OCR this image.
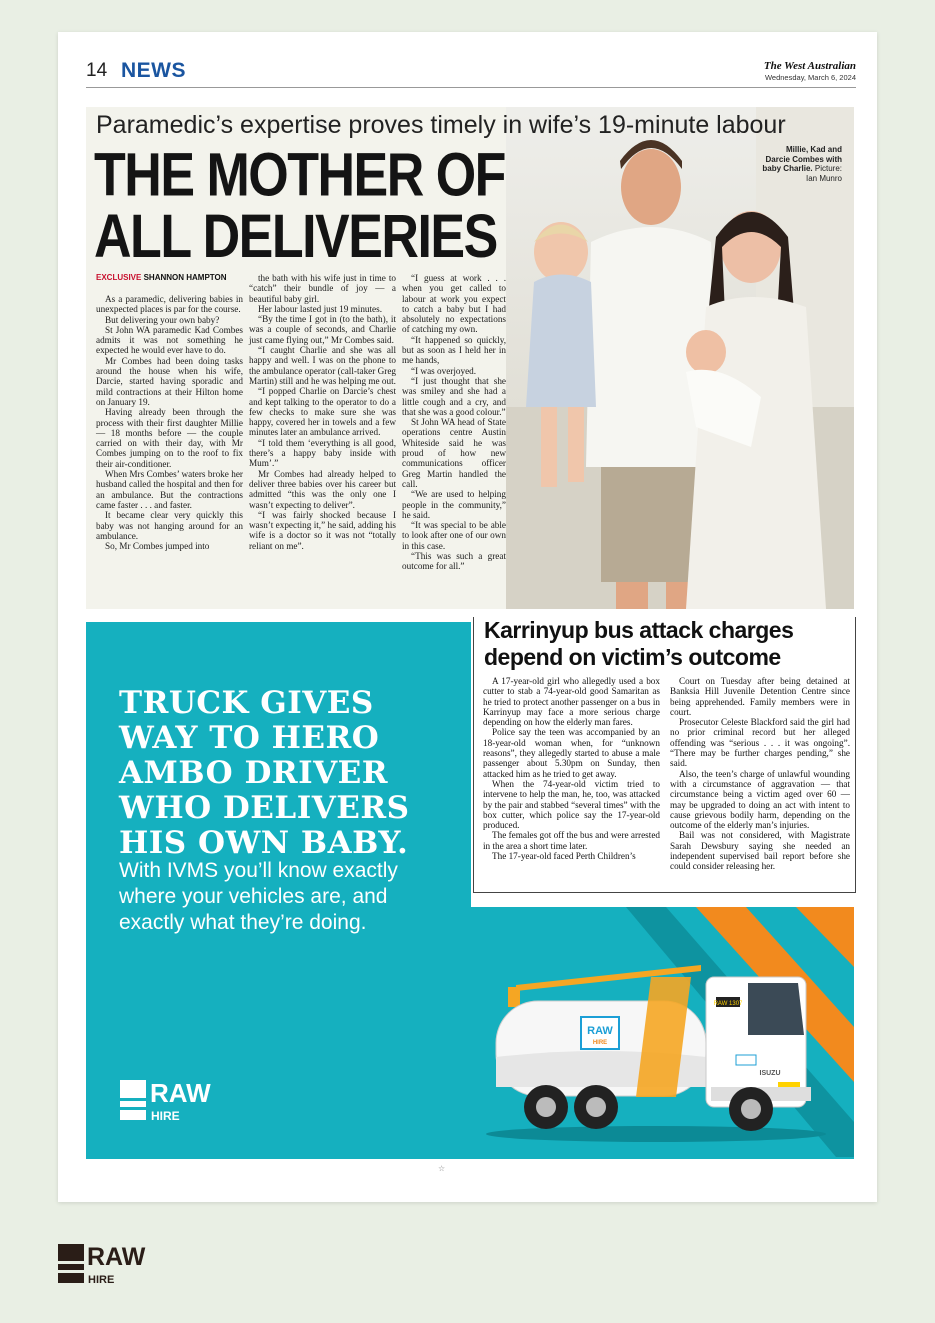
14 NEWS	The West Australian
Wednesday, March 6, 2024
Paramedic’s expertise proves timely in wife’s 19-minute labour
THE MOTHER OF
ALL DELIVERIES
Millie, Kad and Darcie Combes with baby Charlie. Picture: Ian Munro
EXCLUSIVE SHANNON HAMPTON

As a paramedic, delivering babies in unexpected places is par for the course.

But delivering your own baby?

St John WA paramedic Kad Combes admits it was not something he expected he would ever have to do.

Mr Combes had been doing tasks around the house when his wife, Darcie, started having sporadic and mild contractions at their Hilton home on January 19.

Having already been through the process with their first daughter Millie — 18 months before — the couple carried on with their day, with Mr Combes jumping on to the roof to fix their air-conditioner.

When Mrs Combes’ waters broke her husband called the hospital and then for an ambulance. But the contractions came faster . . . and faster.

It became clear very quickly this baby was not hanging around for an ambulance.

So, Mr Combes jumped into

the bath with his wife just in time to “catch” their bundle of joy — a beautiful baby girl.

Her labour lasted just 19 minutes.

“By the time I got in (to the bath), it was a couple of seconds, and Charlie just came flying out,” Mr Combes said.

“I caught Charlie and she was all happy and well. I was on the phone to the ambulance operator (call-taker Greg Martin) still and he was helping me out.

“I popped Charlie on Darcie’s chest and kept talking to the operator to do a few checks to make sure she was happy, covered her in towels and a few minutes later an ambulance arrived.

“I told them ‘everything is all good, there’s a happy baby inside with Mum’.”

Mr Combes had already helped to deliver three babies over his career but admitted “this was the only one I wasn’t expecting to deliver”.

“I was fairly shocked because I wasn’t expecting it,” he said, adding his wife is a doctor so it was not “totally reliant on me”.

“I guess at work . . . when you get called to labour at work you expect to catch a baby but I had absolutely no expectations of catching my own.

“It happened so quickly, but as soon as I held her in me hands,

“I was overjoyed.

“I just thought that she was smiley and she had a little cough and a cry, and that she was a good colour.”

St John WA head of State operations centre Austin Whiteside said he was proud of how new communications officer Greg Martin handled the call.

“We are used to helping people in the community,” he said.

“It was special to be able to look after one of our own in this case.

“This was such a great outcome for all.”

TRUCK GIVES WAY TO HERO AMBO DRIVER WHO DELIVERS HIS OWN BABY.
With IVMS you’ll know exactly where your vehicles are, and exactly what they’re doing.
RAW
HIRE
RAW 1307
ISUZU
RAW
HIRE
Karrinyup bus attack charges depend on victim’s outcome

A 17-year-old girl who allegedly used a box cutter to stab a 74-year-old good Samaritan as he tried to protect another passenger on a bus in Karrinyup may face a more serious charge depending on how the elderly man fares.

Police say the teen was accompanied by an 18-year-old woman when, for “unknown reasons”, they allegedly started to abuse a male passenger about 5.30pm on Sunday, then attacked him as he tried to get away.

When the 74-year-old victim tried to intervene to help the man, he, too, was attacked by the pair and stabbed “several times” with the box cutter, which police say the 17-year-old produced.

The females got off the bus and were arrested in the area a short time later.

The 17-year-old faced Perth Children’s

Court on Tuesday after being detained at Banksia Hill Juvenile Detention Centre since being apprehended. Family members were in court.

Prosecutor Celeste Blackford said the girl had no prior criminal record but her alleged offending was “serious . . . it was ongoing”. “There may be further charges pending,” she said.

Also, the teen’s charge of unlawful wounding with a circumstance of aggravation — that circumstance being a victim aged over 60 — may be upgraded to doing an act with intent to cause grievous bodily harm, depending on the outcome of the elderly man’s injuries.

Bail was not considered, with Magistrate Sarah Dewsbury saying she needed an independent supervised bail report before she could consider releasing her.

☆
RAW
HIRE
